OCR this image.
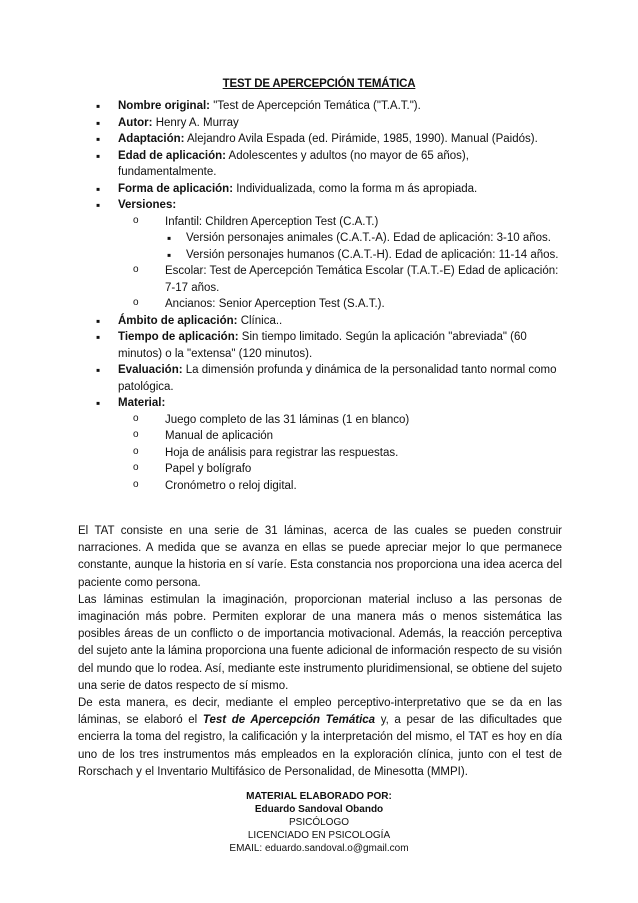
TEST DE APERCEPCIÓN TEMÁTICA
▪ Nombre original: "Test de Apercepción Temática ("T.A.T.").
▪ Autor: Henry A. Murray
▪ Adaptación: Alejandro Avila Espada (ed. Pirámide, 1985, 1990). Manual (Paidós).
▪ Edad de aplicación: Adolescentes y adultos (no mayor de 65 años), fundamentalmente.
▪ Forma de aplicación: Individualizada, como la forma m ás apropiada.
▪ Versiones:
o Infantil: Children Aperception Test (C.A.T.)
▪ Versión personajes animales (C.A.T.-A). Edad de aplicación: 3-10 años.
▪ Versión personajes humanos (C.A.T.-H). Edad de aplicación: 11-14 años.
o Escolar: Test de Apercepción Temática Escolar (T.A.T.-E) Edad de aplicación: 7-17 años.
o Ancianos: Senior Aperception Test (S.A.T.).
▪ Ámbito de aplicación: Clínica..
▪ Tiempo de aplicación: Sin tiempo limitado. Según la aplicación "abreviada" (60 minutos) o la "extensa" (120 minutos).
▪ Evaluación: La dimensión profunda y dinámica de la personalidad tanto normal como patológica.
▪ Material:
o Juego completo de las 31 láminas (1 en blanco)
o Manual de aplicación
o Hoja de análisis para registrar las respuestas.
o Papel y bolígrafo
o Cronómetro o reloj digital.

El TAT consiste en una serie de 31 láminas, acerca de las cuales se pueden construir narraciones. A medida que se avanza en ellas se puede apreciar mejor lo que permanece constante, aunque la historia en sí varíe. Esta constancia nos proporciona una idea acerca del paciente como persona.

Las láminas estimulan la imaginación, proporcionan material incluso a las personas de imaginación más pobre. Permiten explorar de una manera más o menos sistemática las posibles áreas de un conflicto o de importancia motivacional. Además, la reacción perceptiva del sujeto ante la lámina proporciona una fuente adicional de información respecto de su visión del mundo que lo rodea. Así, mediante este instrumento pluridimensional, se obtiene del sujeto una serie de datos respecto de sí mismo.

De esta manera, es decir, mediante el empleo perceptivo-interpretativo que se da en las láminas, se elaboró el Test de Apercepción Temática y, a pesar de las dificultades que encierra la toma del registro, la calificación y la interpretación del mismo, el TAT es hoy en día uno de los tres instrumentos más empleados en la exploración clínica, junto con el test de Rorschach y el Inventario Multifásico de Personalidad, de Minesotta (MMPI).

MATERIAL ELABORADO POR:
Eduardo Sandoval Obando
PSICÓLOGO
LICENCIADO EN PSICOLOGÍA
EMAIL: eduardo.sandoval.o@gmail.com
